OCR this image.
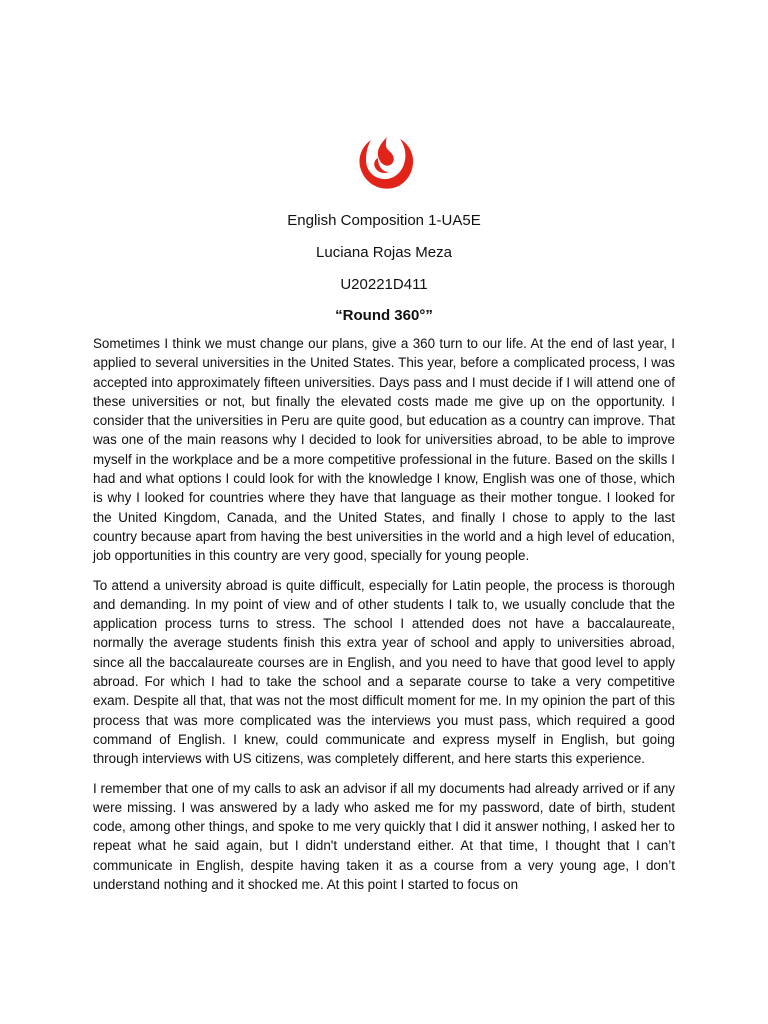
English Composition 1-UA5E
Luciana Rojas Meza
U20221D411
“Round 360°”

Sometimes I think we must change our plans, give a 360 turn to our life. At the end of last year, I applied to several universities in the United States. This year, before a complicated process, I was accepted into approximately fifteen universities. Days pass and I must decide if I will attend one of these universities or not, but finally the elevated costs made me give up on the opportunity. I consider that the universities in Peru are quite good, but education as a country can improve. That was one of the main reasons why I decided to look for universities abroad, to be able to improve myself in the workplace and be a more competitive professional in the future. Based on the skills I had and what options I could look for with the knowledge I know, English was one of those, which is why I looked for countries where they have that language as their mother tongue. I looked for the United Kingdom, Canada, and the United States, and finally I chose to apply to the last country because apart from having the best universities in the world and a high level of education, job opportunities in this country are very good, specially for young people.

To attend a university abroad is quite difficult, especially for Latin people, the process is thorough and demanding. In my point of view and of other students I talk to, we usually conclude that the application process turns to stress. The school I attended does not have a baccalaureate, normally the average students finish this extra year of school and apply to universities abroad, since all the baccalaureate courses are in English, and you need to have that good level to apply abroad. For which I had to take the school and a separate course to take a very competitive exam. Despite all that, that was not the most difficult moment for me. In my opinion the part of this process that was more complicated was the interviews you must pass, which required a good command of English. I knew, could communicate and express myself in English, but going through interviews with US citizens, was completely different, and here starts this experience.

I remember that one of my calls to ask an advisor if all my documents had already arrived or if any were missing. I was answered by a lady who asked me for my password, date of birth, student code, among other things, and spoke to me very quickly that I did it answer nothing, I asked her to repeat what he said again, but I didn't understand either. At that time, I thought that I can’t communicate in English, despite having taken it as a course from a very young age, I don’t understand nothing and it shocked me. At this point I started to focus on
